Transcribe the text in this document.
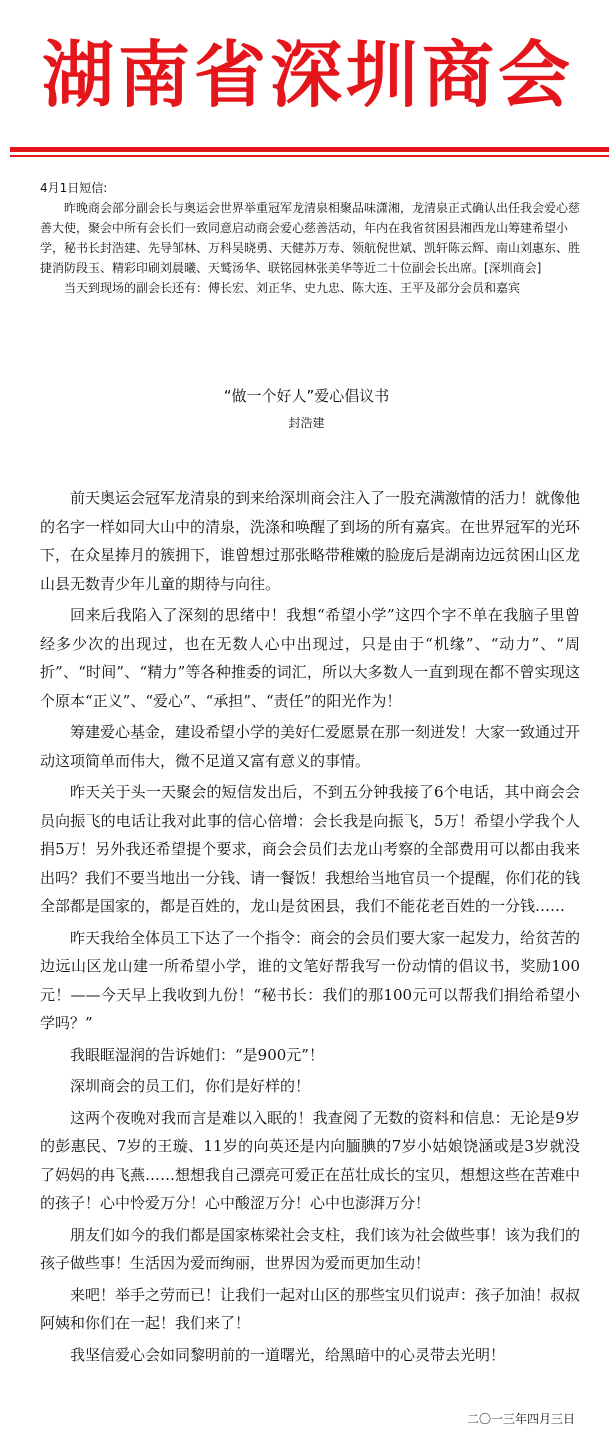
湖南省深圳商会

4月1日短信:

昨晚商会部分副会长与奥运会世界举重冠军龙清泉相聚品味潇湘，龙清泉正式确认出任我会爱心慈善大使，聚会中所有会长们一致同意启动商会爱心慈善活动，年内在我省贫困县湘西龙山筹建希望小学，秘书长封浩建、先导邹林、万科吴晓勇、天健苏万寿、领航倪世斌、凯轩陈云辉、南山刘惠东、胜捷消防段玉、精彩印刷刘晨曦、天鹫汤华、联铭园林张美华等近二十位副会长出席。[深圳商会]

当天到现场的副会长还有：傅长宏、刘正华、史九忠、陈大连、王平及部分会员和嘉宾

“做一个好人”爱心倡议书
封浩建

前天奥运会冠军龙清泉的到来给深圳商会注入了一股充满激情的活力！就像他的名字一样如同大山中的清泉，洗涤和唤醒了到场的所有嘉宾。在世界冠军的光环下，在众星捧月的簇拥下，谁曾想过那张略带稚嫩的脸庞后是湖南边远贫困山区龙山县无数青少年儿童的期待与向往。

回来后我陷入了深刻的思绪中！我想“希望小学”这四个字不单在我脑子里曾经多少次的出现过，也在无数人心中出现过，只是由于“机缘”、“动力”、“周折”、“时间”、“精力”等各种推委的词汇，所以大多数人一直到现在都不曾实现这个原本“正义”、“爱心”、“承担”、“责任”的阳光作为！

筹建爱心基金，建设希望小学的美好仁爱愿景在那一刻迸发！大家一致通过开动这项简单而伟大，微不足道又富有意义的事情。

昨天关于头一天聚会的短信发出后，不到五分钟我接了6个电话，其中商会会员向振飞的电话让我对此事的信心倍增：会长我是向振飞，5万！希望小学我个人捐5万！另外我还希望提个要求，商会会员们去龙山考察的全部费用可以都由我来出吗？我们不要当地出一分钱、请一餐饭！我想给当地官员一个提醒，你们花的钱全部都是国家的，都是百姓的，龙山是贫困县，我们不能花老百姓的一分钱……

昨天我给全体员工下达了一个指令：商会的会员们要大家一起发力，给贫苦的边远山区龙山建一所希望小学，谁的文笔好帮我写一份动情的倡议书，奖励100元！——今天早上我收到九份！“秘书长：我们的那100元可以帮我们捐给希望小学吗？”

我眼眶湿润的告诉她们：“是900元”！

深圳商会的员工们，你们是好样的！

这两个夜晚对我而言是难以入眠的！我查阅了无数的资料和信息：无论是9岁的彭惠民、7岁的王璇、11岁的向英还是内向腼腆的7岁小姑娘饶涵或是3岁就没了妈妈的冉飞燕……想想我自己漂亮可爱正在茁壮成长的宝贝，想想这些在苦难中的孩子！心中怜爱万分！心中酸涩万分！心中也澎湃万分！

朋友们如今的我们都是国家栋梁社会支柱，我们该为社会做些事！该为我们的孩子做些事！生活因为爱而绚丽，世界因为爱而更加生动！

来吧！举手之劳而已！让我们一起对山区的那些宝贝们说声：孩子加油！叔叔阿姨和你们在一起！我们来了！

我坚信爱心会如同黎明前的一道曙光，给黑暗中的心灵带去光明！

二〇一三年四月三日
